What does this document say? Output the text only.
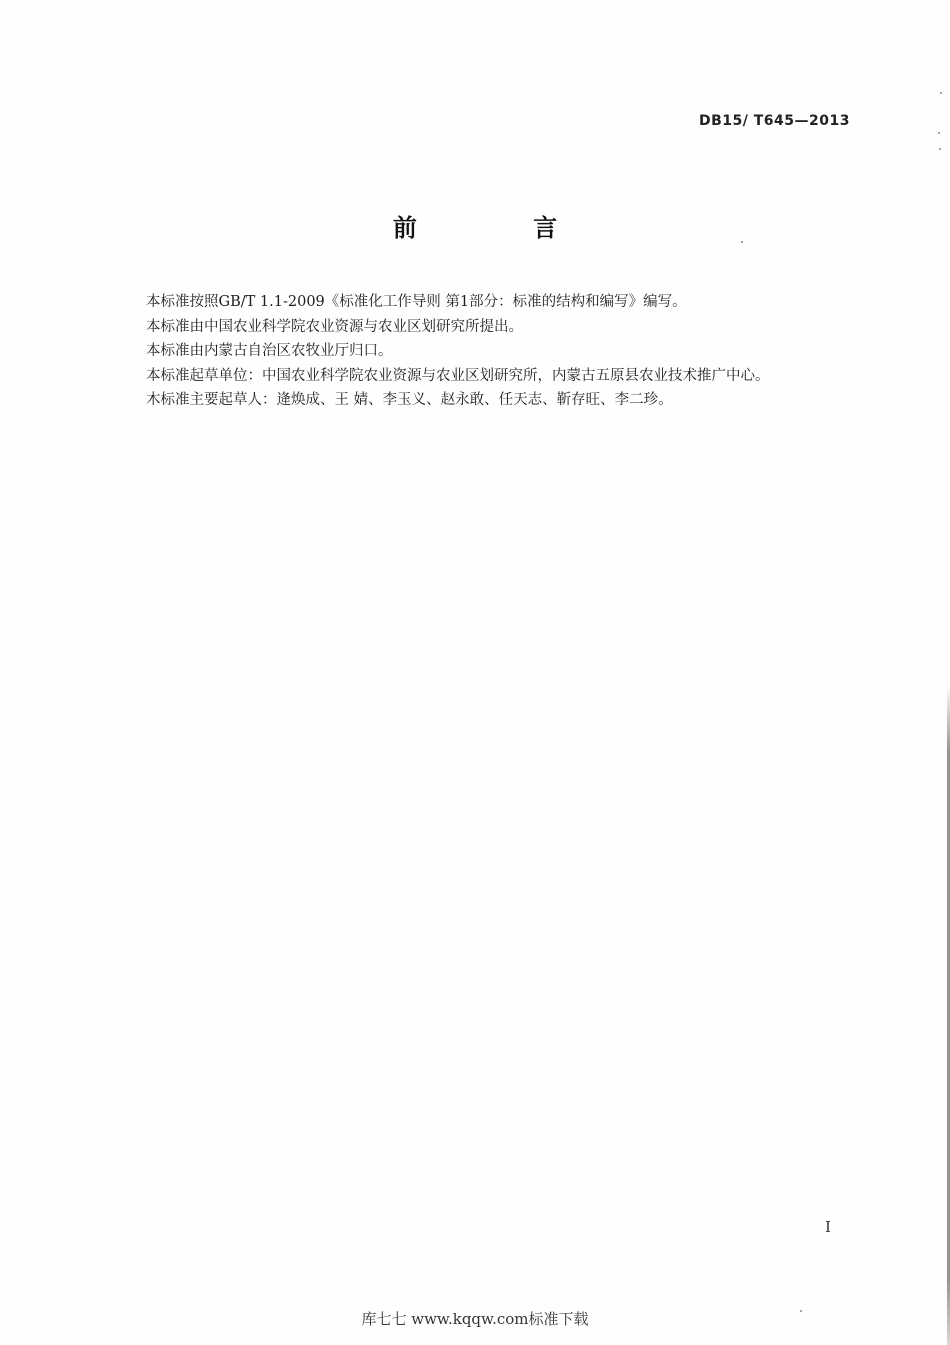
DB15/ T645—2013
前 言
本标准按照GB/T 1.1-2009《标准化工作导则 第1部分：标准的结构和编写》编写。
本标准由中国农业科学院农业资源与农业区划研究所提出。
本标准由内蒙古自治区农牧业厅归口。
本标准起草单位：中国农业科学院农业资源与农业区划研究所，内蒙古五原县农业技术推广中心。
木标准主要起草人：逄焕成、王 婧、李玉义、赵永敢、任天志、靳存旺、李二珍。
I
库七七 www.kqqw.com标准下载
